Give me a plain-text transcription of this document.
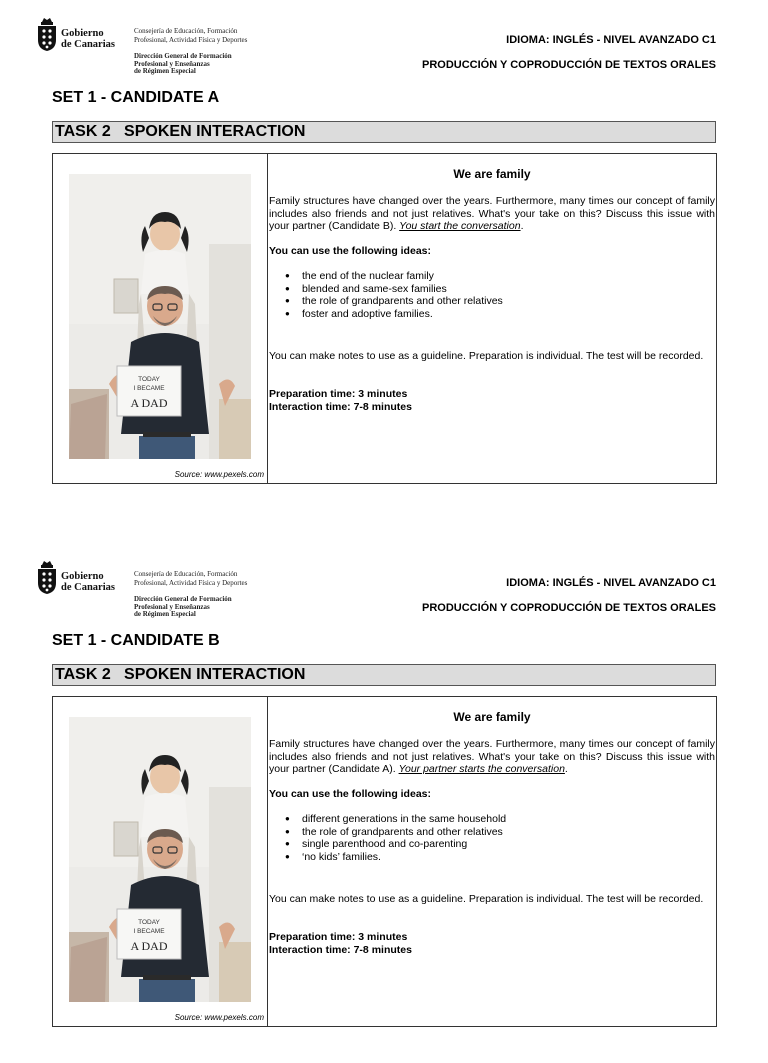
Gobierno
de Canarias
Consejería de Educación, Formación
Profesional, Actividad Física y Deportes
Dirección General de Formación
Profesional y Enseñanzas
de Régimen Especial
IDIOMA: INGLÉS - NIVEL AVANZADO C1
PRODUCCIÓN Y COPRODUCCIÓN DE TEXTOS ORALES
SET 1 - CANDIDATE A
TASK 2   SPOKEN INTERACTION
TODAY
I BECAME
A DAD
Source: www.pexels.com
We are family
Family structures have changed over the years. Furthermore, many times our concept of family includes also friends and not just relatives. What's your take on this? Discuss this issue with your partner (Candidate B). You start the conversation.
You can use the following ideas:
● the end of the nuclear family
● blended and same-sex families
● the role of grandparents and other relatives
● foster and adoptive families.
You can make notes to use as a guideline. Preparation is individual. The test will be recorded.
Preparation time: 3 minutes
Interaction time: 7-8 minutes
Gobierno
de Canarias
Consejería de Educación, Formación
Profesional, Actividad Física y Deportes
Dirección General de Formación
Profesional y Enseñanzas
de Régimen Especial
IDIOMA: INGLÉS - NIVEL AVANZADO C1
PRODUCCIÓN Y COPRODUCCIÓN DE TEXTOS ORALES
SET 1 - CANDIDATE B
TASK 2   SPOKEN INTERACTION
TODAY
I BECAME
A DAD
Source: www.pexels.com
We are family
Family structures have changed over the years. Furthermore, many times our concept of family includes also friends and not just relatives. What's your take on this? Discuss this issue with your partner (Candidate A). Your partner starts the conversation.
You can use the following ideas:
● different generations in the same household
● the role of grandparents and other relatives
● single parenthood and co-parenting
● ‘no kids’ families.
You can make notes to use as a guideline. Preparation is individual. The test will be recorded.
Preparation time: 3 minutes
Interaction time: 7-8 minutes
